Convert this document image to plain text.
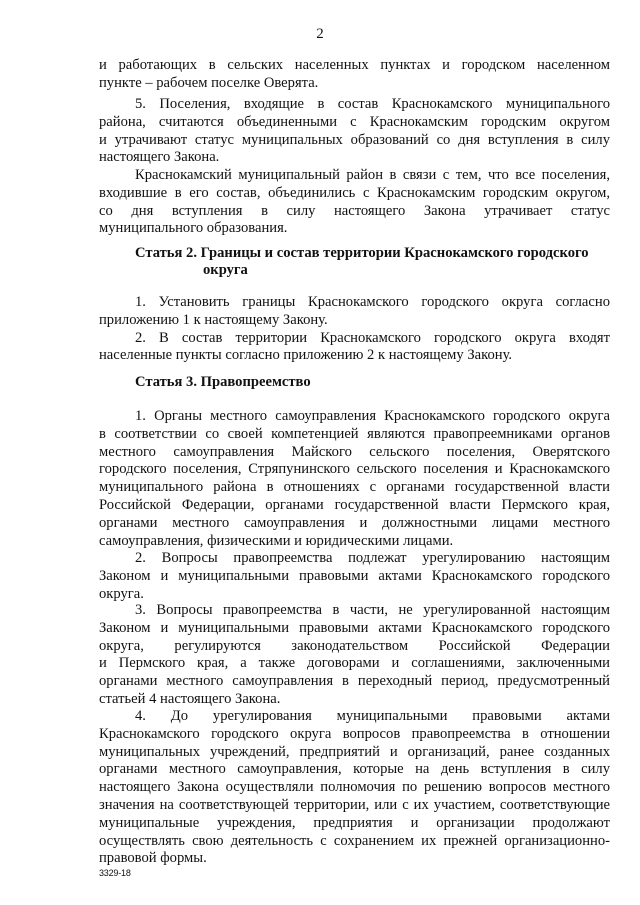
2
и работающих в сельских населенных пунктах и городском населенном
пункте – рабочем поселке Оверята.
5. Поселения, входящие в состав Краснокамского муниципального
района, считаются объединенными с Краснокамским городским округом
и утрачивают статус муниципальных образований со дня вступления в силу
настоящего Закона.
Краснокамский муниципальный район в связи с тем, что все поселения,
входившие в его состав, объединились с Краснокамским городским округом,
со дня вступления в силу настоящего Закона утрачивает статус
муниципального образования.
Статья 2. Границы и состав территории Краснокамского городского
округа
1. Установить границы Краснокамского городского округа согласно
приложению 1 к настоящему Закону.
2. В состав территории Краснокамского городского округа входят
населенные пункты согласно приложению 2 к настоящему Закону.
Статья 3. Правопреемство
1. Органы местного самоуправления Краснокамского городского округа
в соответствии со своей компетенцией являются правопреемниками органов
местного самоуправления Майского сельского поселения, Оверятского
городского поселения, Стряпунинского сельского поселения и Краснокамского
муниципального района в отношениях с органами государственной власти
Российской Федерации, органами государственной власти Пермского края,
органами местного самоуправления и должностными лицами местного
самоуправления, физическими и юридическими лицами.
2. Вопросы правопреемства подлежат урегулированию настоящим
Законом и муниципальными правовыми актами Краснокамского городского
округа.
3. Вопросы правопреемства в части, не урегулированной настоящим
Законом и муниципальными правовыми актами Краснокамского городского
округа, регулируются законодательством Российской Федерации
и Пермского края, а также договорами и соглашениями, заключенными
органами местного самоуправления в переходный период, предусмотренный
статьей 4 настоящего Закона.
4. До урегулирования муниципальными правовыми актами
Краснокамского городского округа вопросов правопреемства в отношении
муниципальных учреждений, предприятий и организаций, ранее созданных
органами местного самоуправления, которые на день вступления в силу
настоящего Закона осуществляли полномочия по решению вопросов местного
значения на соответствующей территории, или с их участием, соответствующие
муниципальные учреждения, предприятия и организации продолжают
осуществлять свою деятельность с сохранением их прежней организационно-
правовой формы.
3329-18
